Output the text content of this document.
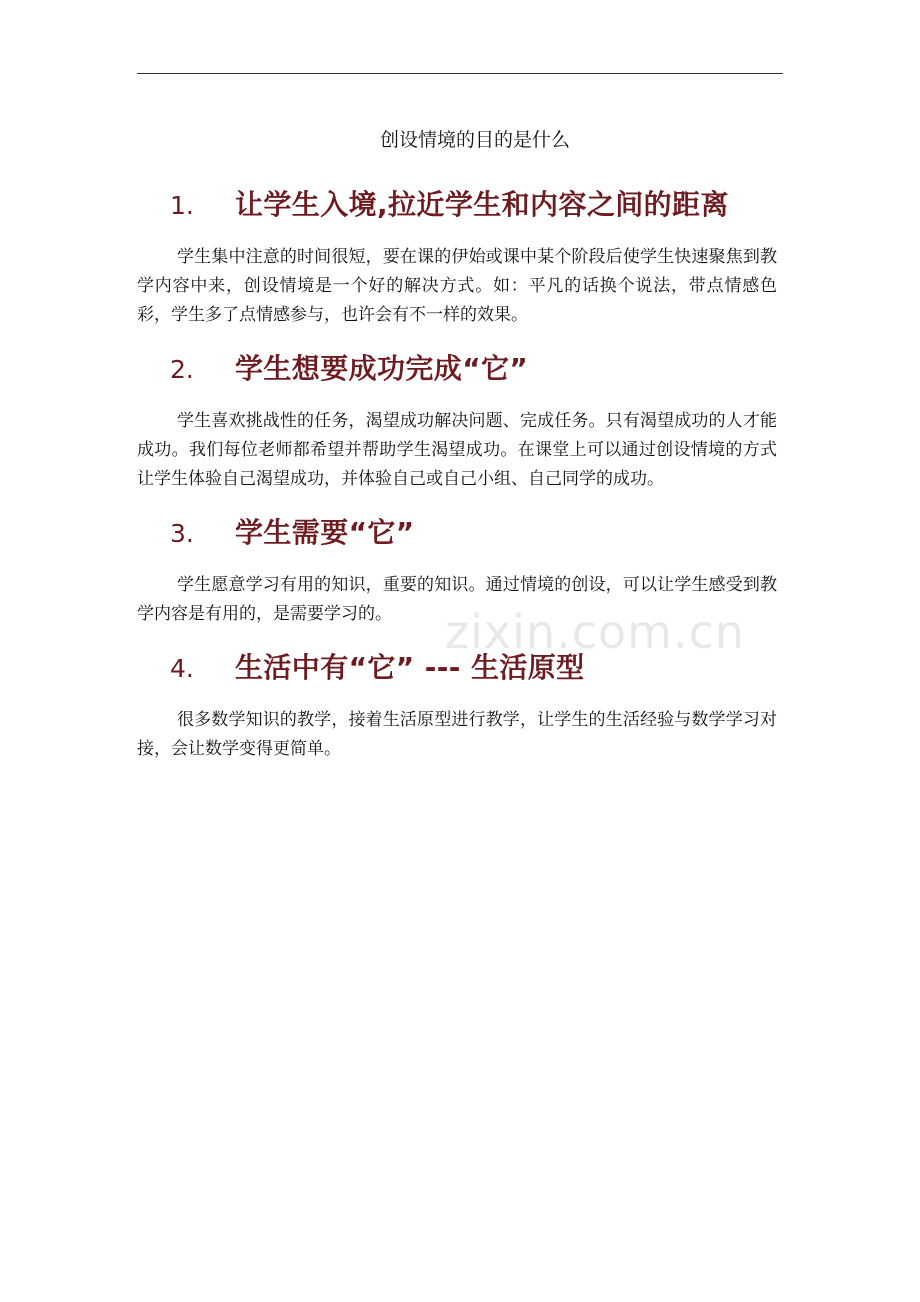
创设情境的目的是什么
zixin.com.cn
1.	让学生入境,拉近学生和内容之间的距离

学生集中注意的时间很短，要在课的伊始或课中某个阶段后使学生快速聚焦到教学内容中来，创设情境是一个好的解决方式。如：平凡的话换个说法，带点情感色彩，学生多了点情感参与，也许会有不一样的效果。

2.	学生想要成功完成“它”

学生喜欢挑战性的任务，渴望成功解决问题、完成任务。只有渴望成功的人才能成功。我们每位老师都希望并帮助学生渴望成功。在课堂上可以通过创设情境的方式让学生体验自己渴望成功，并体验自己或自己小组、自己同学的成功。

3.	学生需要“它”

学生愿意学习有用的知识，重要的知识。通过情境的创设，可以让学生感受到教学内容是有用的，是需要学习的。

4.	生活中有“它” --- 生活原型

很多数学知识的教学，接着生活原型进行教学，让学生的生活经验与数学学习对接，会让数学变得更简单。
